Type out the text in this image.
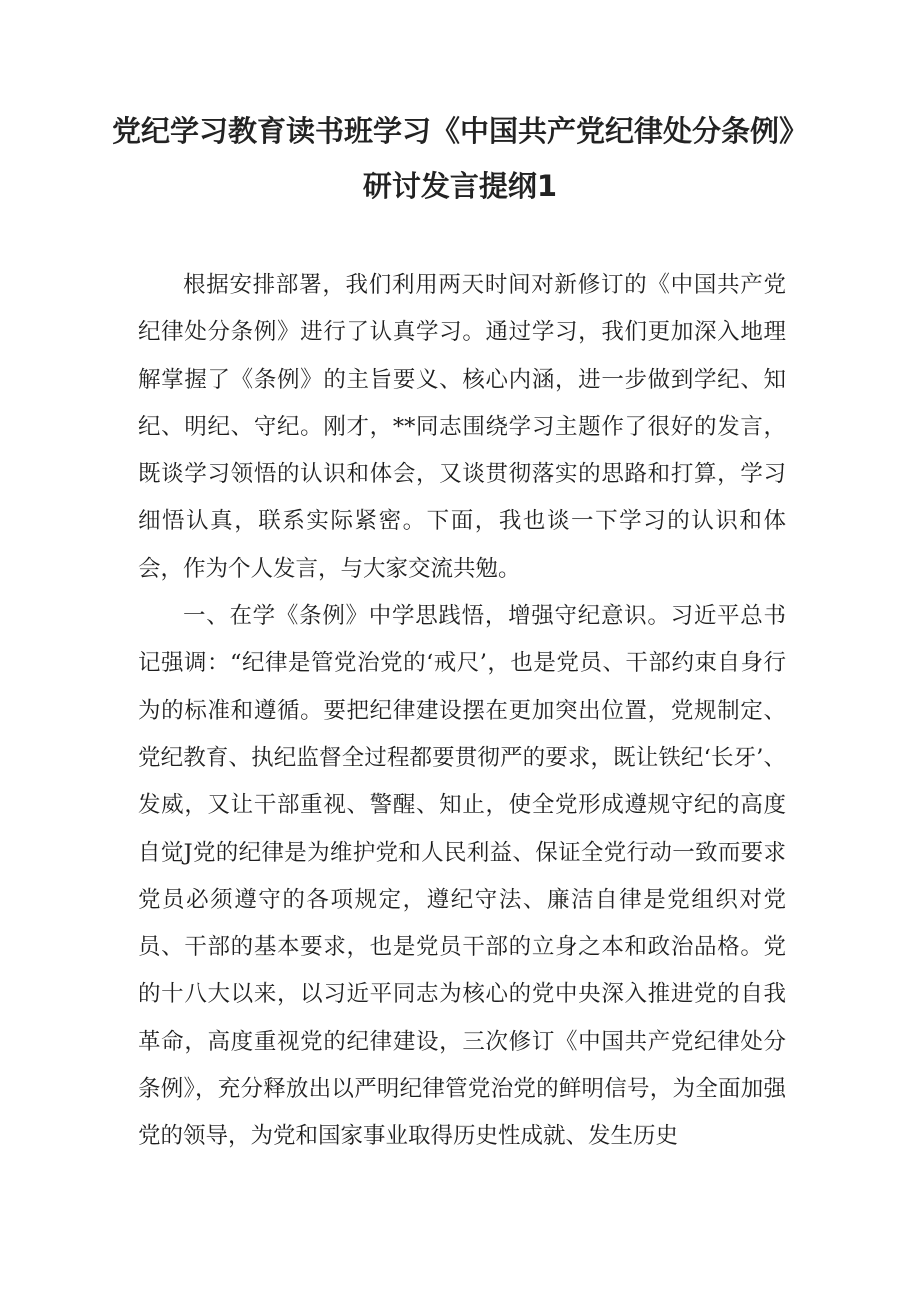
党纪学习教育读书班学习《中国共产党纪律处分条例》
研讨发言提纲1

根据安排部署，我们利用两天时间对新修订的《中国共产党纪律处分条例》进行了认真学习。通过学习，我们更加深入地理解掌握了《条例》的主旨要义、核心内涵，进一步做到学纪、知纪、明纪、守纪。刚才，**同志围绕学习主题作了很好的发言，既谈学习领悟的认识和体会，又谈贯彻落实的思路和打算，学习细悟认真，联系实际紧密。下面，我也谈一下学习的认识和体会，作为个人发言，与大家交流共勉。

一、在学《条例》中学思践悟，增强守纪意识。习近平总书记强调：“纪律是管党治党的‘戒尺’，也是党员、干部约束自身行为的标准和遵循。要把纪律建设摆在更加突出位置，党规制定、党纪教育、执纪监督全过程都要贯彻严的要求，既让铁纪‘长牙’、发威，又让干部重视、警醒、知止，使全党形成遵规守纪的高度自觉J党的纪律是为维护党和人民利益、保证全党行动一致而要求党员必须遵守的各项规定，遵纪守法、廉洁自律是党组织对党员、干部的基本要求，也是党员干部的立身之本和政治品格。党的十八大以来，以习近平同志为核心的党中央深入推进党的自我革命，高度重视党的纪律建设，三次修订《中国共产党纪律处分条例》，充分释放出以严明纪律管党治党的鲜明信号，为全面加强党的领导，为党和国家事业取得历史性成就、发生历史
